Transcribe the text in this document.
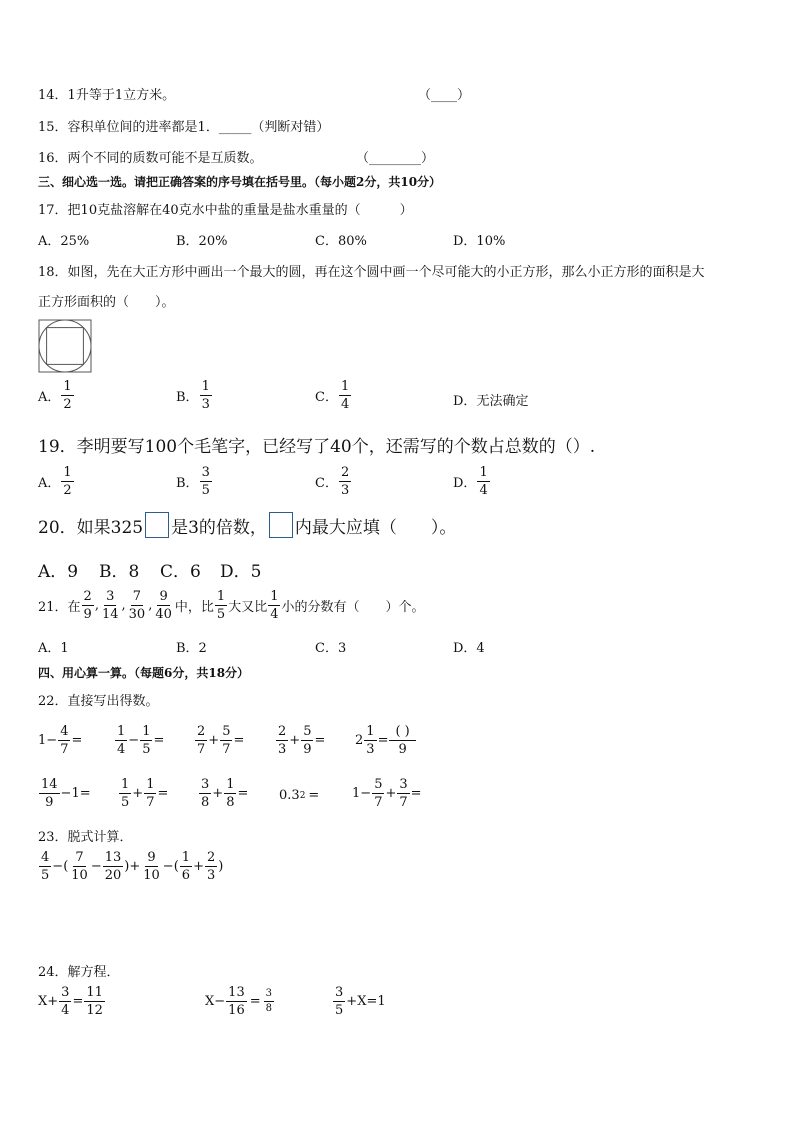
14．1升等于1立方米。	（____）
15．容积单位间的进率都是1．_____（判断对错）
16．两个不同的质数可能不是互质数。	（________）
三、细心选一选。请把正确答案的序号填在括号里。（每小题2分，共10分）
17．把10克盐溶解在40克水中盐的重量是盐水重量的（　　　）
A．25%	B．20%	C．80%	D．10%
18．如图，先在大正方形中画出一个最大的圆，再在这个圆中画一个尽可能大的小正方形，那么小正方形的面积是大
正方形面积的（　　）。
A． $\frac{1}{2}$	B． $\frac{1}{3}$	C． $\frac{1}{4}$	D． 无法确定
19．李明要写100个毛笔字，已经写了40个，还需写的个数占总数的（）.
A． $\frac{1}{2}$	B． $\frac{3}{5}$	C． $\frac{2}{3}$	D． $\frac{1}{4}$
20．如果325 是3的倍数， 内最大应填（　　）。
A．9 B．8 C．6 D．5
21．在 $\frac{2}{9}$ , $\frac{3}{14}$ , $\frac{7}{30}$ , $\frac{9}{40}$ 中，比 $\frac{1}{5}$ 大又比 $\frac{1}{4}$ 小的分数有（　　）个。
A．1	B．2	C．3	D．4
四、用心算一算。（每题6分，共18分）
22．直接写出得数。
$1 - \frac{4}{7}$ =	$\frac{1}{4} - \frac{1}{5} = \frac{2}{7} + \frac{5}{7} = \frac{2}{3} + \frac{5}{9} = 2 \frac{1}{3} = \frac{( )}{9}$
$\frac{14}{9} - 1 = \frac{1}{5} + \frac{1}{7} = \frac{3}{8} + \frac{1}{8} = 0.3$ 2 =	$1 - \frac{5}{7} + \frac{3}{7}$ =
23．脱式计算．
$\frac{4}{5}$ − ( $\frac{7}{10} - \frac{13}{20}$ ) + $\frac{9}{10}$ − ( $\frac{1}{6} + \frac{2}{3}$ )
24．解方程．
$X + \frac{3}{4} = \frac{11}{12}$	$X - \frac{13}{16} = \frac{3}{8}$	$\frac{3}{5} + X = 1$
